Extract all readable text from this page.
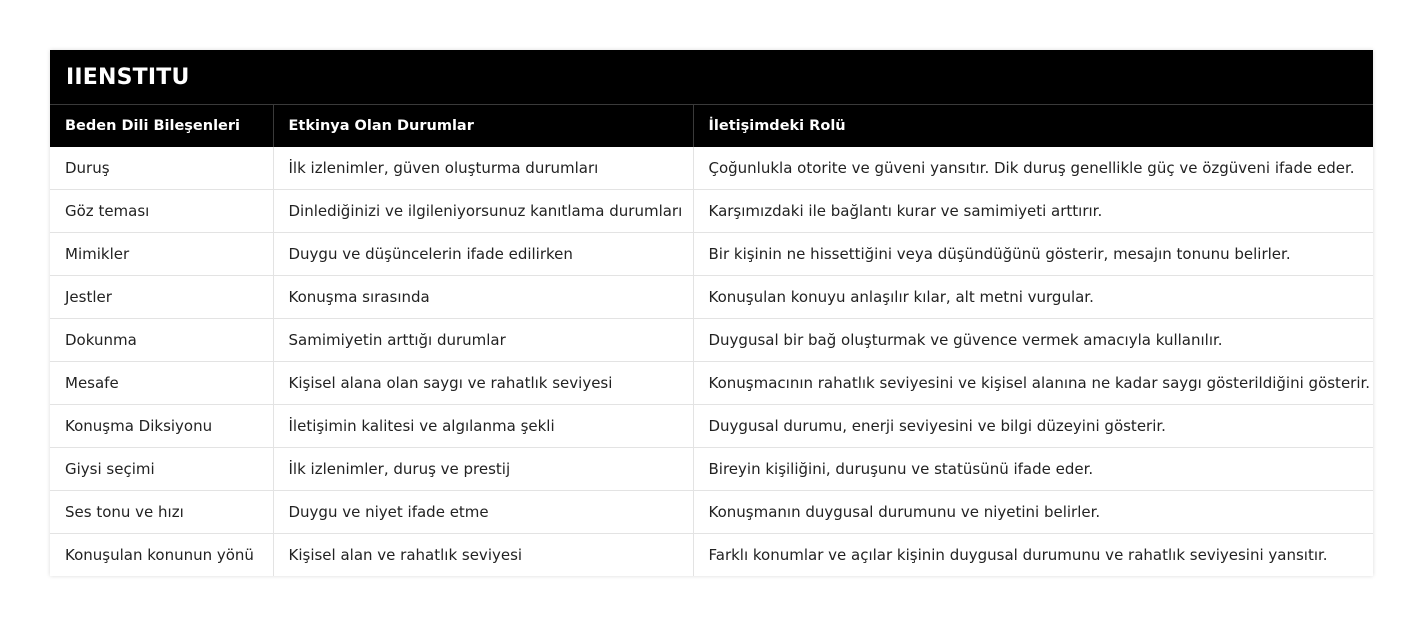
IIENSTITU		
Beden Dili Bileşenleri	Etkinya Olan Durumlar	İletişimdeki Rolü
Duruş	İlk izlenimler, güven oluşturma durumları	Çoğunlukla otorite ve güveni yansıtır. Dik duruş genellikle güç ve özgüveni ifade eder.
Göz teması	Dinlediğinizi ve ilgileniyorsunuz kanıtlama durumları	Karşımızdaki ile bağlantı kurar ve samimiyeti arttırır.
Mimikler	Duygu ve düşüncelerin ifade edilirken	Bir kişinin ne hissettiğini veya düşündüğünü gösterir, mesajın tonunu belirler.
Jestler	Konuşma sırasında	Konuşulan konuyu anlaşılır kılar, alt metni vurgular.
Dokunma	Samimiyetin arttığı durumlar	Duygusal bir bağ oluşturmak ve güvence vermek amacıyla kullanılır.
Mesafe	Kişisel alana olan saygı ve rahatlık seviyesi	Konuşmacının rahatlık seviyesini ve kişisel alanına ne kadar saygı gösterildiğini gösterir.
Konuşma Diksiyonu	İletişimin kalitesi ve algılanma şekli	Duygusal durumu, enerji seviyesini ve bilgi düzeyini gösterir.
Giysi seçimi	İlk izlenimler, duruş ve prestij	Bireyin kişiliğini, duruşunu ve statüsünü ifade eder.
Ses tonu ve hızı	Duygu ve niyet ifade etme	Konuşmanın duygusal durumunu ve niyetini belirler.
Konuşulan konunun yönü	Kişisel alan ve rahatlık seviyesi	Farklı konumlar ve açılar kişinin duygusal durumunu ve rahatlık seviyesini yansıtır.
